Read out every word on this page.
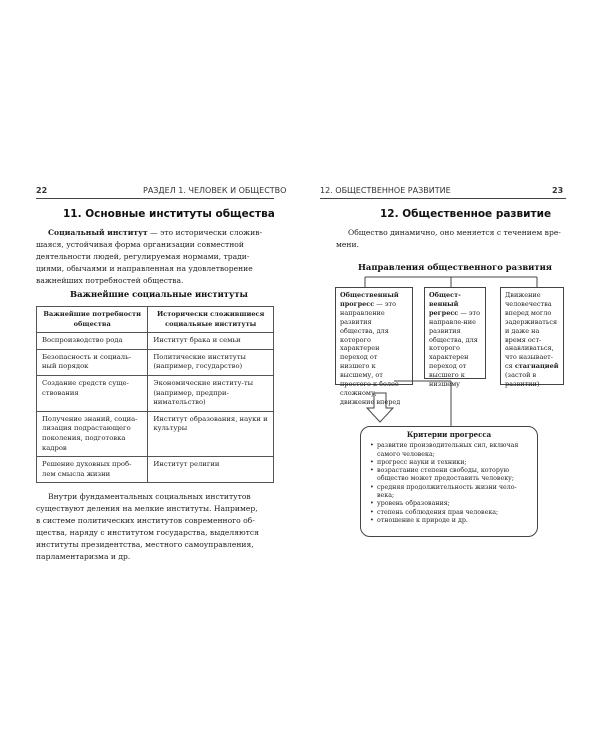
22	РАЗДЕЛ 1. ЧЕЛОВЕК И ОБЩЕСТВО
11. Основные институты общества
Социальный институт — это исторически сложив-
шаяся, устойчивая форма организации совместной
деятельности людей, регулируемая нормами, тради-
циями, обычаями и направленная на удовлетворение
важнейших потребностей общества.
Важнейшие социальные институты
Важнейшие потребности общества	Исторически сложившиеся социальные институты
Воспроизводство рода	Институт брака и семьи
Безопасность и социаль-ный порядок	Политические институты (например, государство)
Создание средств суще-ствования	Экономические институ-ты (например, предпри-нимательство)
Получение знаний, социа-лизация подрастающего поколения, подготовка кадров	Институт образования, науки и культуры
Решение духовных проб-лем смысла жизни	Институт религии
Внутри фундаментальных социальных институтов
существуют деления на мелкие институты. Например,
в системе политических институтов современного об-
щества, наряду с институтом государства, выделяются
институты президентства, местного самоуправления,
парламентаризма и др.
12. ОБЩЕСТВЕННОЕ РАЗВИТИЕ	23
12. Общественное развитие
Общество динамично, оно меняется с течением вре-
мени.
Направления общественного развития
Общественный
прогресс — это направление развития общества, для которого характерен переход от низшего к высшему, от простого к более сложному, движение вперед
Общест-
венный
регресс — это направле-ние развития общества, для которого характерен переход от высшего к низшему
Движение человечества вперед могло задерживаться и даже на время ост-анавливаться, что называет-ся стагнацией (застой в развитии)
Критерии прогресса
• развитие производительных сил, включая самого человека;
• прогресс науки и техники;
• возрастание степени свободы, которую общество может предоставить человеку;
• средняя продолжительность жизни чело-века;
• уровень образования;
• степень соблюдения прав человека;
• отношение к природе и др.
